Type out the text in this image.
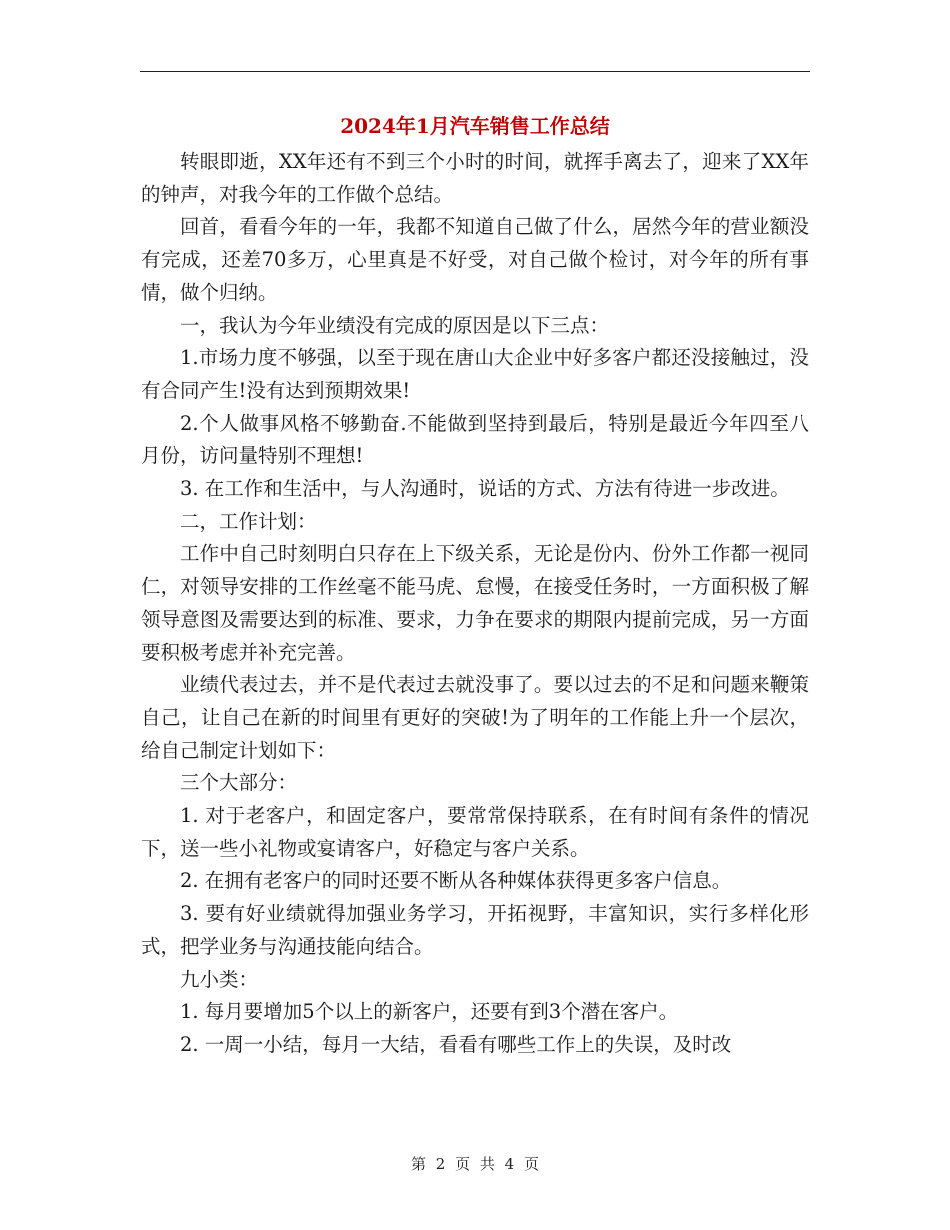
2024年1月汽车销售工作总结

转眼即逝，XX年还有不到三个小时的时间，就挥手离去了，迎来了XX年的钟声，对我今年的工作做个总结。

回首，看看今年的一年，我都不知道自己做了什么，居然今年的营业额没有完成，还差70多万，心里真是不好受，对自己做个检讨，对今年的所有事情，做个归纳。

一，我认为今年业绩没有完成的原因是以下三点：

1.市场力度不够强，以至于现在唐山大企业中好多客户都还没接触过，没有合同产生!没有达到预期效果!

2.个人做事风格不够勤奋.不能做到坚持到最后，特别是最近今年四至八月份，访问量特别不理想!

3. 在工作和生活中，与人沟通时，说话的方式、方法有待进一步改进。

二，工作计划：

工作中自己时刻明白只存在上下级关系，无论是份内、份外工作都一视同仁，对领导安排的工作丝毫不能马虎、怠慢，在接受任务时，一方面积极了解领导意图及需要达到的标准、要求，力争在要求的期限内提前完成，另一方面要积极考虑并补充完善。

业绩代表过去，并不是代表过去就没事了。要以过去的不足和问题来鞭策自己，让自己在新的时间里有更好的突破!为了明年的工作能上升一个层次，给自己制定计划如下：

三个大部分：

1. 对于老客户，和固定客户，要常常保持联系，在有时间有条件的情况下，送一些小礼物或宴请客户，好稳定与客户关系。

2. 在拥有老客户的同时还要不断从各种媒体获得更多客户信息。

3. 要有好业绩就得加强业务学习，开拓视野，丰富知识，实行多样化形式，把学业务与沟通技能向结合。

九小类：

1. 每月要增加5个以上的新客户，还要有到3个潜在客户。

2. 一周一小结，每月一大结，看看有哪些工作上的失误，及时改

第 2 页 共 4 页
